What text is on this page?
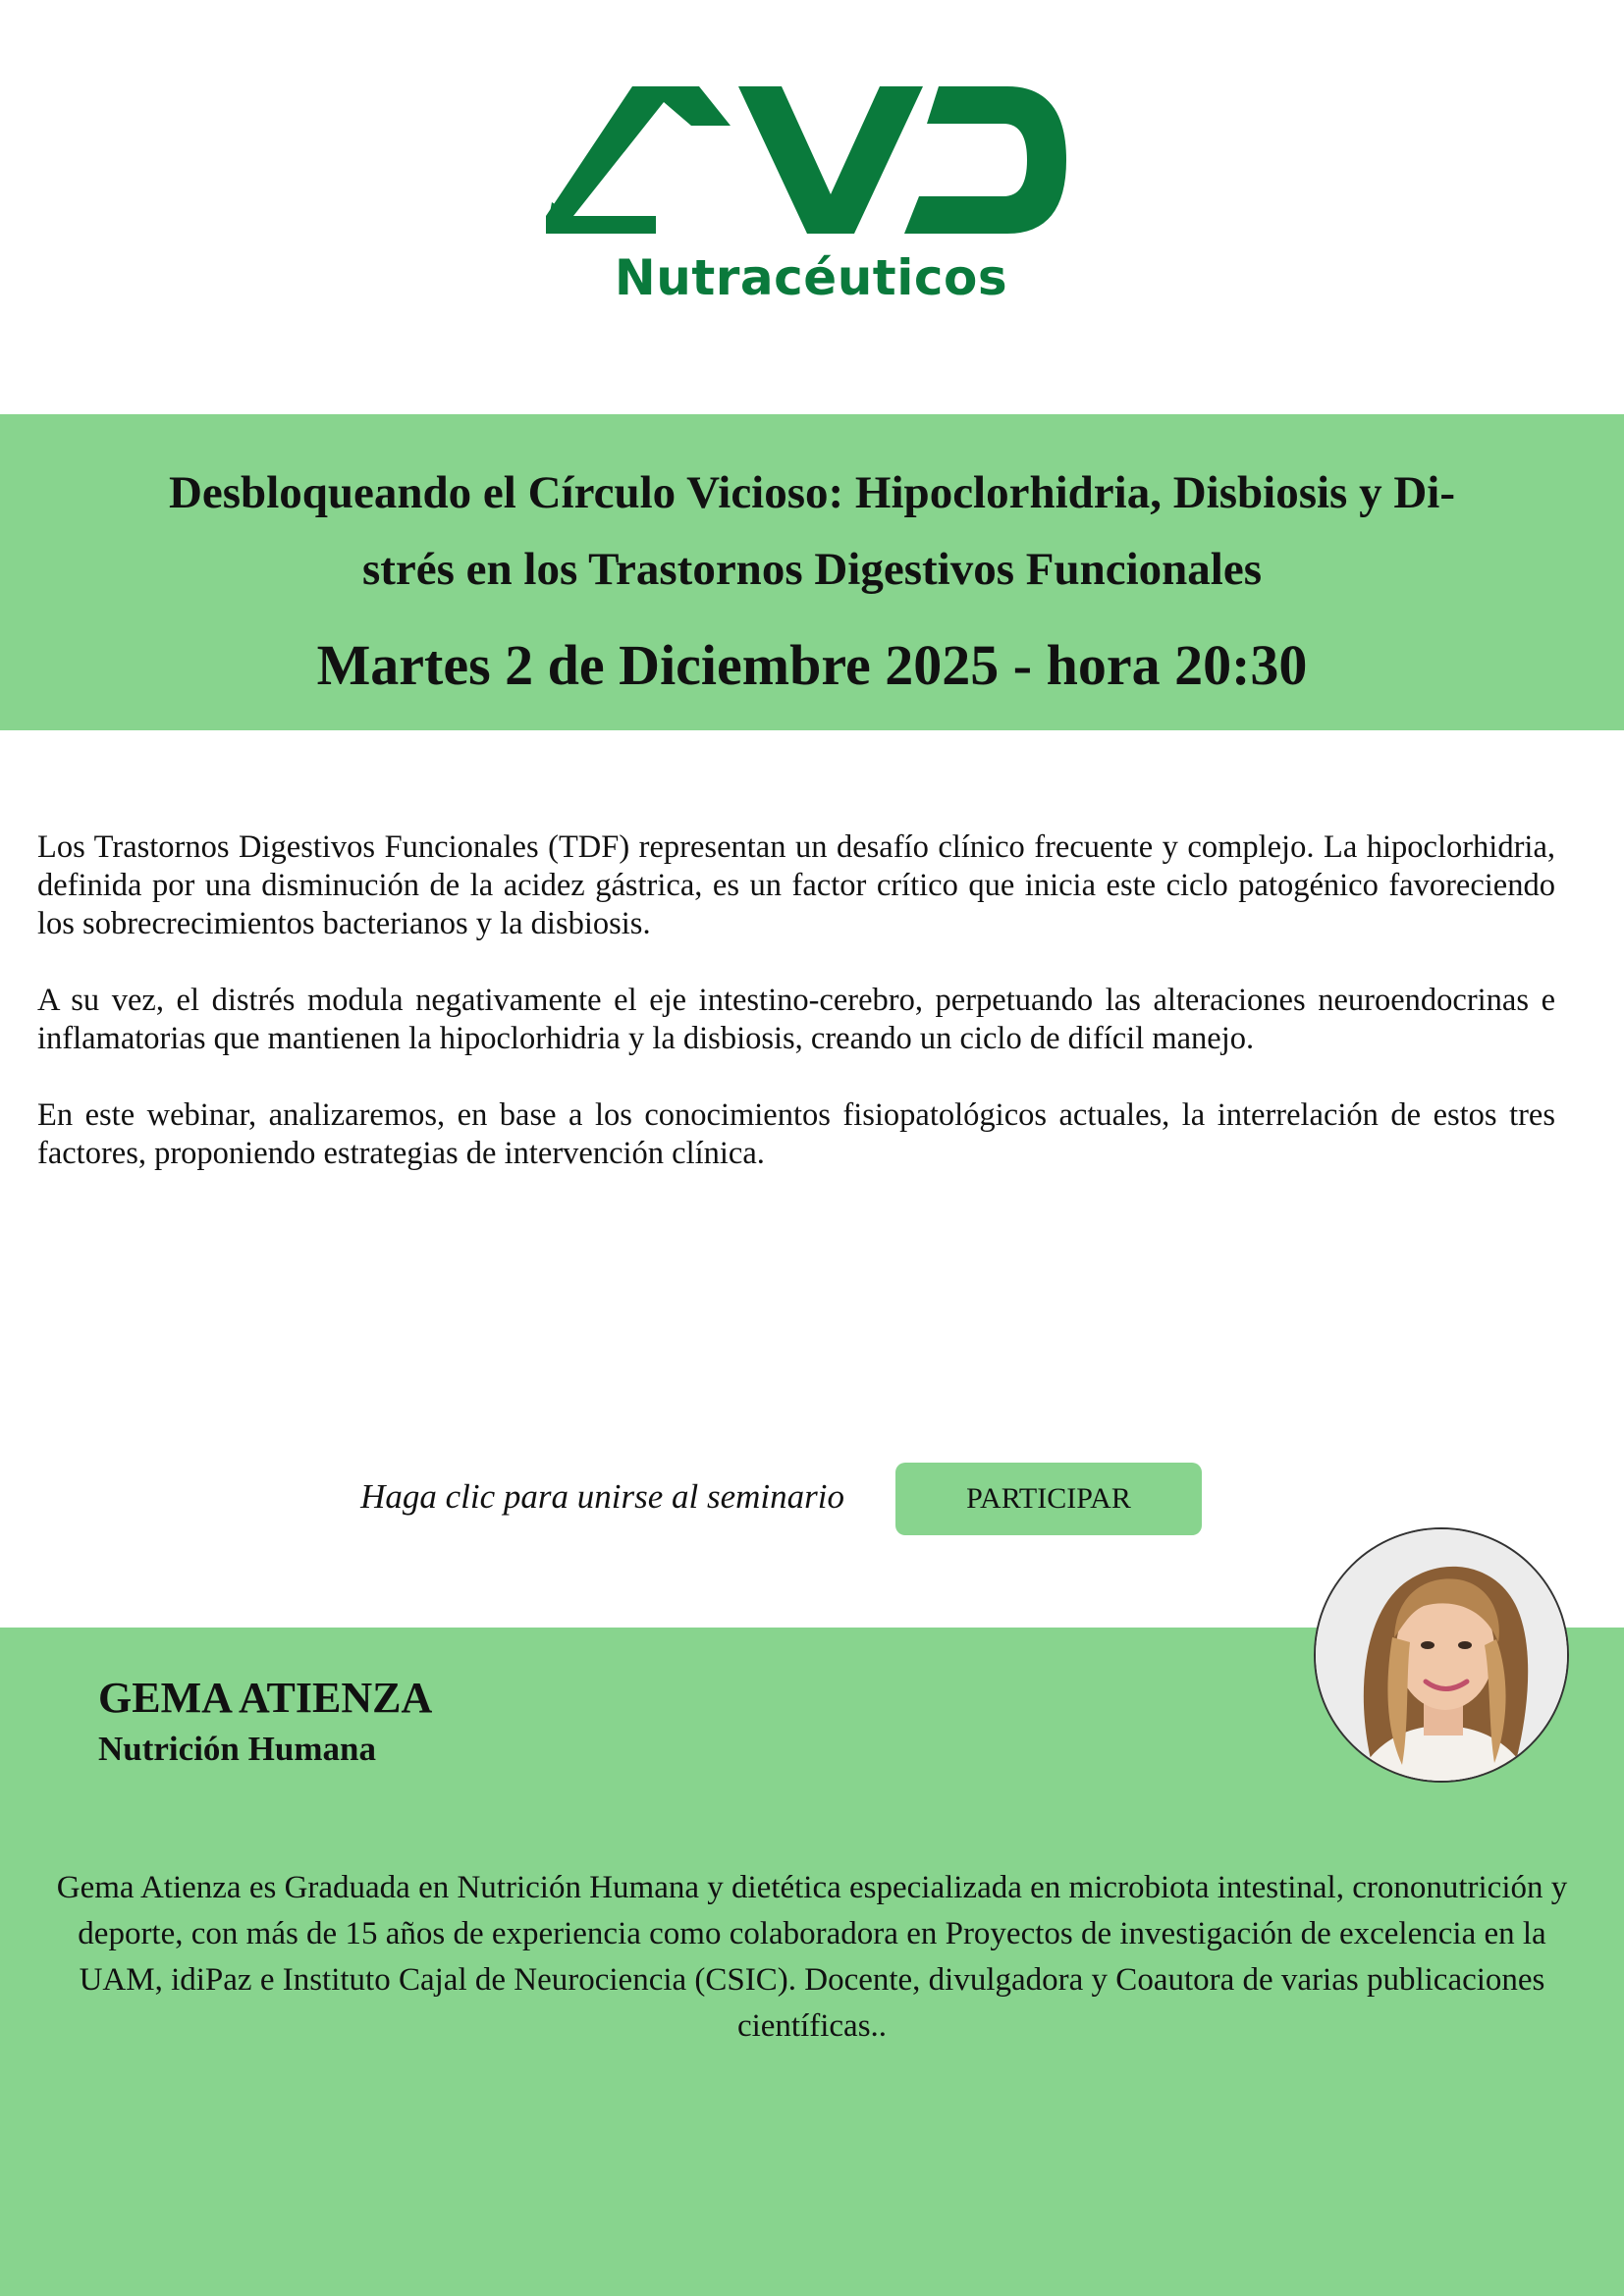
Nutracéuticos
Desbloqueando el Círculo Vicioso: Hipoclorhidria, Disbiosis y Di-
strés en los Trastornos Digestivos Funcionales
Martes 2 de Diciembre 2025 - hora 20:30

Los Trastornos Digestivos Funcionales (TDF) representan un desafío clínico frecuente y complejo. La hipoclorhidria, definida por una disminución de la acidez gástrica, es un factor crítico que inicia este ciclo patogénico favoreciendo los sobrecrecimientos bacterianos y la disbiosis.

A su vez, el distrés modula negativamente el eje intestino-cerebro, perpetuando las alteraciones neuroendocrinas e inflamatorias que mantienen la hipoclorhidria y la disbiosis, creando un ciclo de difícil manejo.

En este webinar, analizaremos, en base a los conocimientos fisiopatológicos actuales, la interrelación de estos tres factores, proponiendo estrategias de intervención clínica.

Haga clic para unirse al seminario	PARTICIPAR
GEMA ATIENZA
Nutrición Humana
Gema Atienza es Graduada en Nutrición Humana y dietética especializada en microbiota intestinal, crononutrición y deporte, con más de 15 años de experiencia como colaboradora en Proyectos de investigación de excelencia en la UAM, idiPaz e Instituto Cajal de Neurociencia (CSIC). Docente, divulgadora y Coautora de varias publicaciones científicas..
